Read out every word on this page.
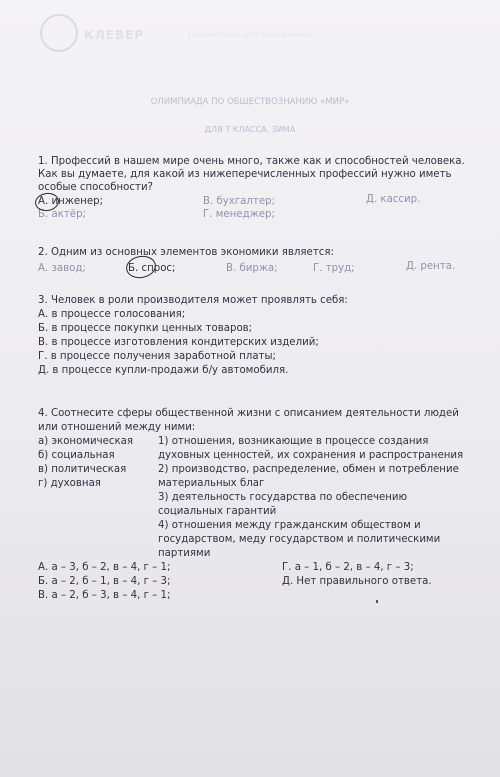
КЛЕВЕР	| олимпиада для школьников
ОЛИМПИАДА ПО ОБЩЕСТВОЗНАНИЮ «МИР»
ДЛЯ 7 КЛАССА. ЗИМА
1. Профессий в нашем мире очень много, также как и способностей человека.
Как вы думаете, для какой из нижеперечисленных профессий нужно иметь
особые способности?
А. инженер;
Б. актёр;
В. бухгалтер;
Г. менеджер;
Д. кассир.
2. Одним из основных элементов экономики является:
А. завод;	Б. спрос;	В. биржа;	Г. труд;	Д. рента.
3. Человек в роли производителя может проявлять себя:
А. в процессе голосования;
Б. в процессе покупки ценных товаров;
В. в процессе изготовления кондитерских изделий;
Г. в процессе получения заработной платы;
Д. в процессе купли-продажи б/у автомобиля.
4. Соотнесите сферы общественной жизни с описанием деятельности людей
или отношений между ними:
а) экономическая
б) социальная
в) политическая
г) духовная
1) отношения, возникающие в процессе создания
духовных ценностей, их сохранения и распространения
2) производство, распределение, обмен и потребление
материальных благ
3) деятельность государства по обеспечению
социальных гарантий
4) отношения между гражданским обществом и
государством, меду государством и политическими
партиями
А. а – 3, б – 2, в – 4, г – 1;
Б. а – 2, б – 1, в – 4, г – 3;
В. а – 2, б – 3, в – 4, г – 1;
Г. а – 1, б – 2, в – 4, г – 3;
Д. Нет правильного ответа.
